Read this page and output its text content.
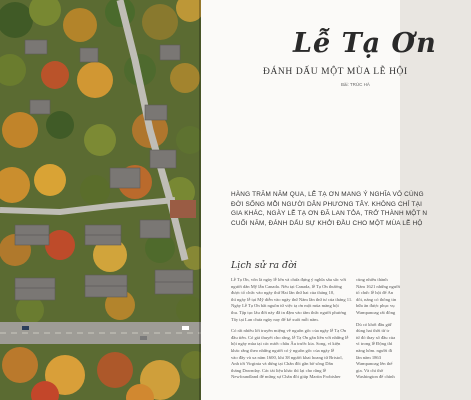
Lễ Tạ Ơn
ĐÁNH DẤU MỘT MÙA LỄ HỘI
Bài: TRÚC HÀ
HÀNG TRĂM NĂM QUA, LỄ TẠ ƠN MANG Ý NGHĨA VÔ CÙNG
ĐỜI SỐNG MỖI NGƯỜI DÂN PHƯƠNG TÂY. KHÔNG CHỈ TẠI
GIA KHÁC, NGÀY LỄ TẠ ƠN ĐÃ LAN TỎA, TRỞ THÀNH MỘT N
CUỐI NĂM, ĐÁNH DẤU SỰ KHỞI ĐẦU CHO MỘT MÙA LỄ HỘ
Lịch sử ra đời
Lễ Tạ Ơn, vốn là ngày lễ lớn và chứa đựng ý nghĩa sâu sắc với
người dân Mỹ lẫn Canada. Nếu tại Canada, lễ Tạ Ơn thường
được tổ chức vào ngày thứ Hai lần thứ hai của tháng 10,
thì ngày lễ tại Mỹ diễn vào ngày thứ Năm lần thứ tư của tháng 11.
Ngày Lễ Tạ Ơn bắt nguồn từ việc tạ ơn một mùa màng bội
thu. Tập tục lâu đời này đã in đậm vào tâm thức người phương
Tây tại Lan chưa ngày nay để kể xuôi mỗi năm.
Có rất nhiều lời truyền miệng về nguồn gốc của ngày lễ Tạ Ơn
đầu tiên. Có giả thuyết cho rằng, lễ Tạ Ơn gắn liền với những lễ
hội ngày mùa tại các nước châu Âu trước kia. Song, vì kiện
khác rằng theo những người có ý nguồn gốc của ngày lễ
vào đầy và xa năm 1600, khi 38 người khai hoang từ Bristol,
Anh tới Virginia và dừng tại Chân đồi gần bờ sông Dân
tháng Dawnday. Các tài liệu khác thì lại cho rằng lễ
Newfoundland để mừng sự Chân đồi giúp Martin Frobisher
cùng nhiều thành
Năm 1621 những người
tổ chức lễ hội để An
dõi, năng có thông tin
bữa ăn được phục vụ
Wampanoag rất đông
Dù có khởi đầu giữ
dùng hai thời từ tr
từ đó thay số đầu của
vì trong lễ Động thì
năng hôm. người đi
lần năm 1863
Wampanoag lên thể
gia. Và chỉ thờ
Washington để chính
